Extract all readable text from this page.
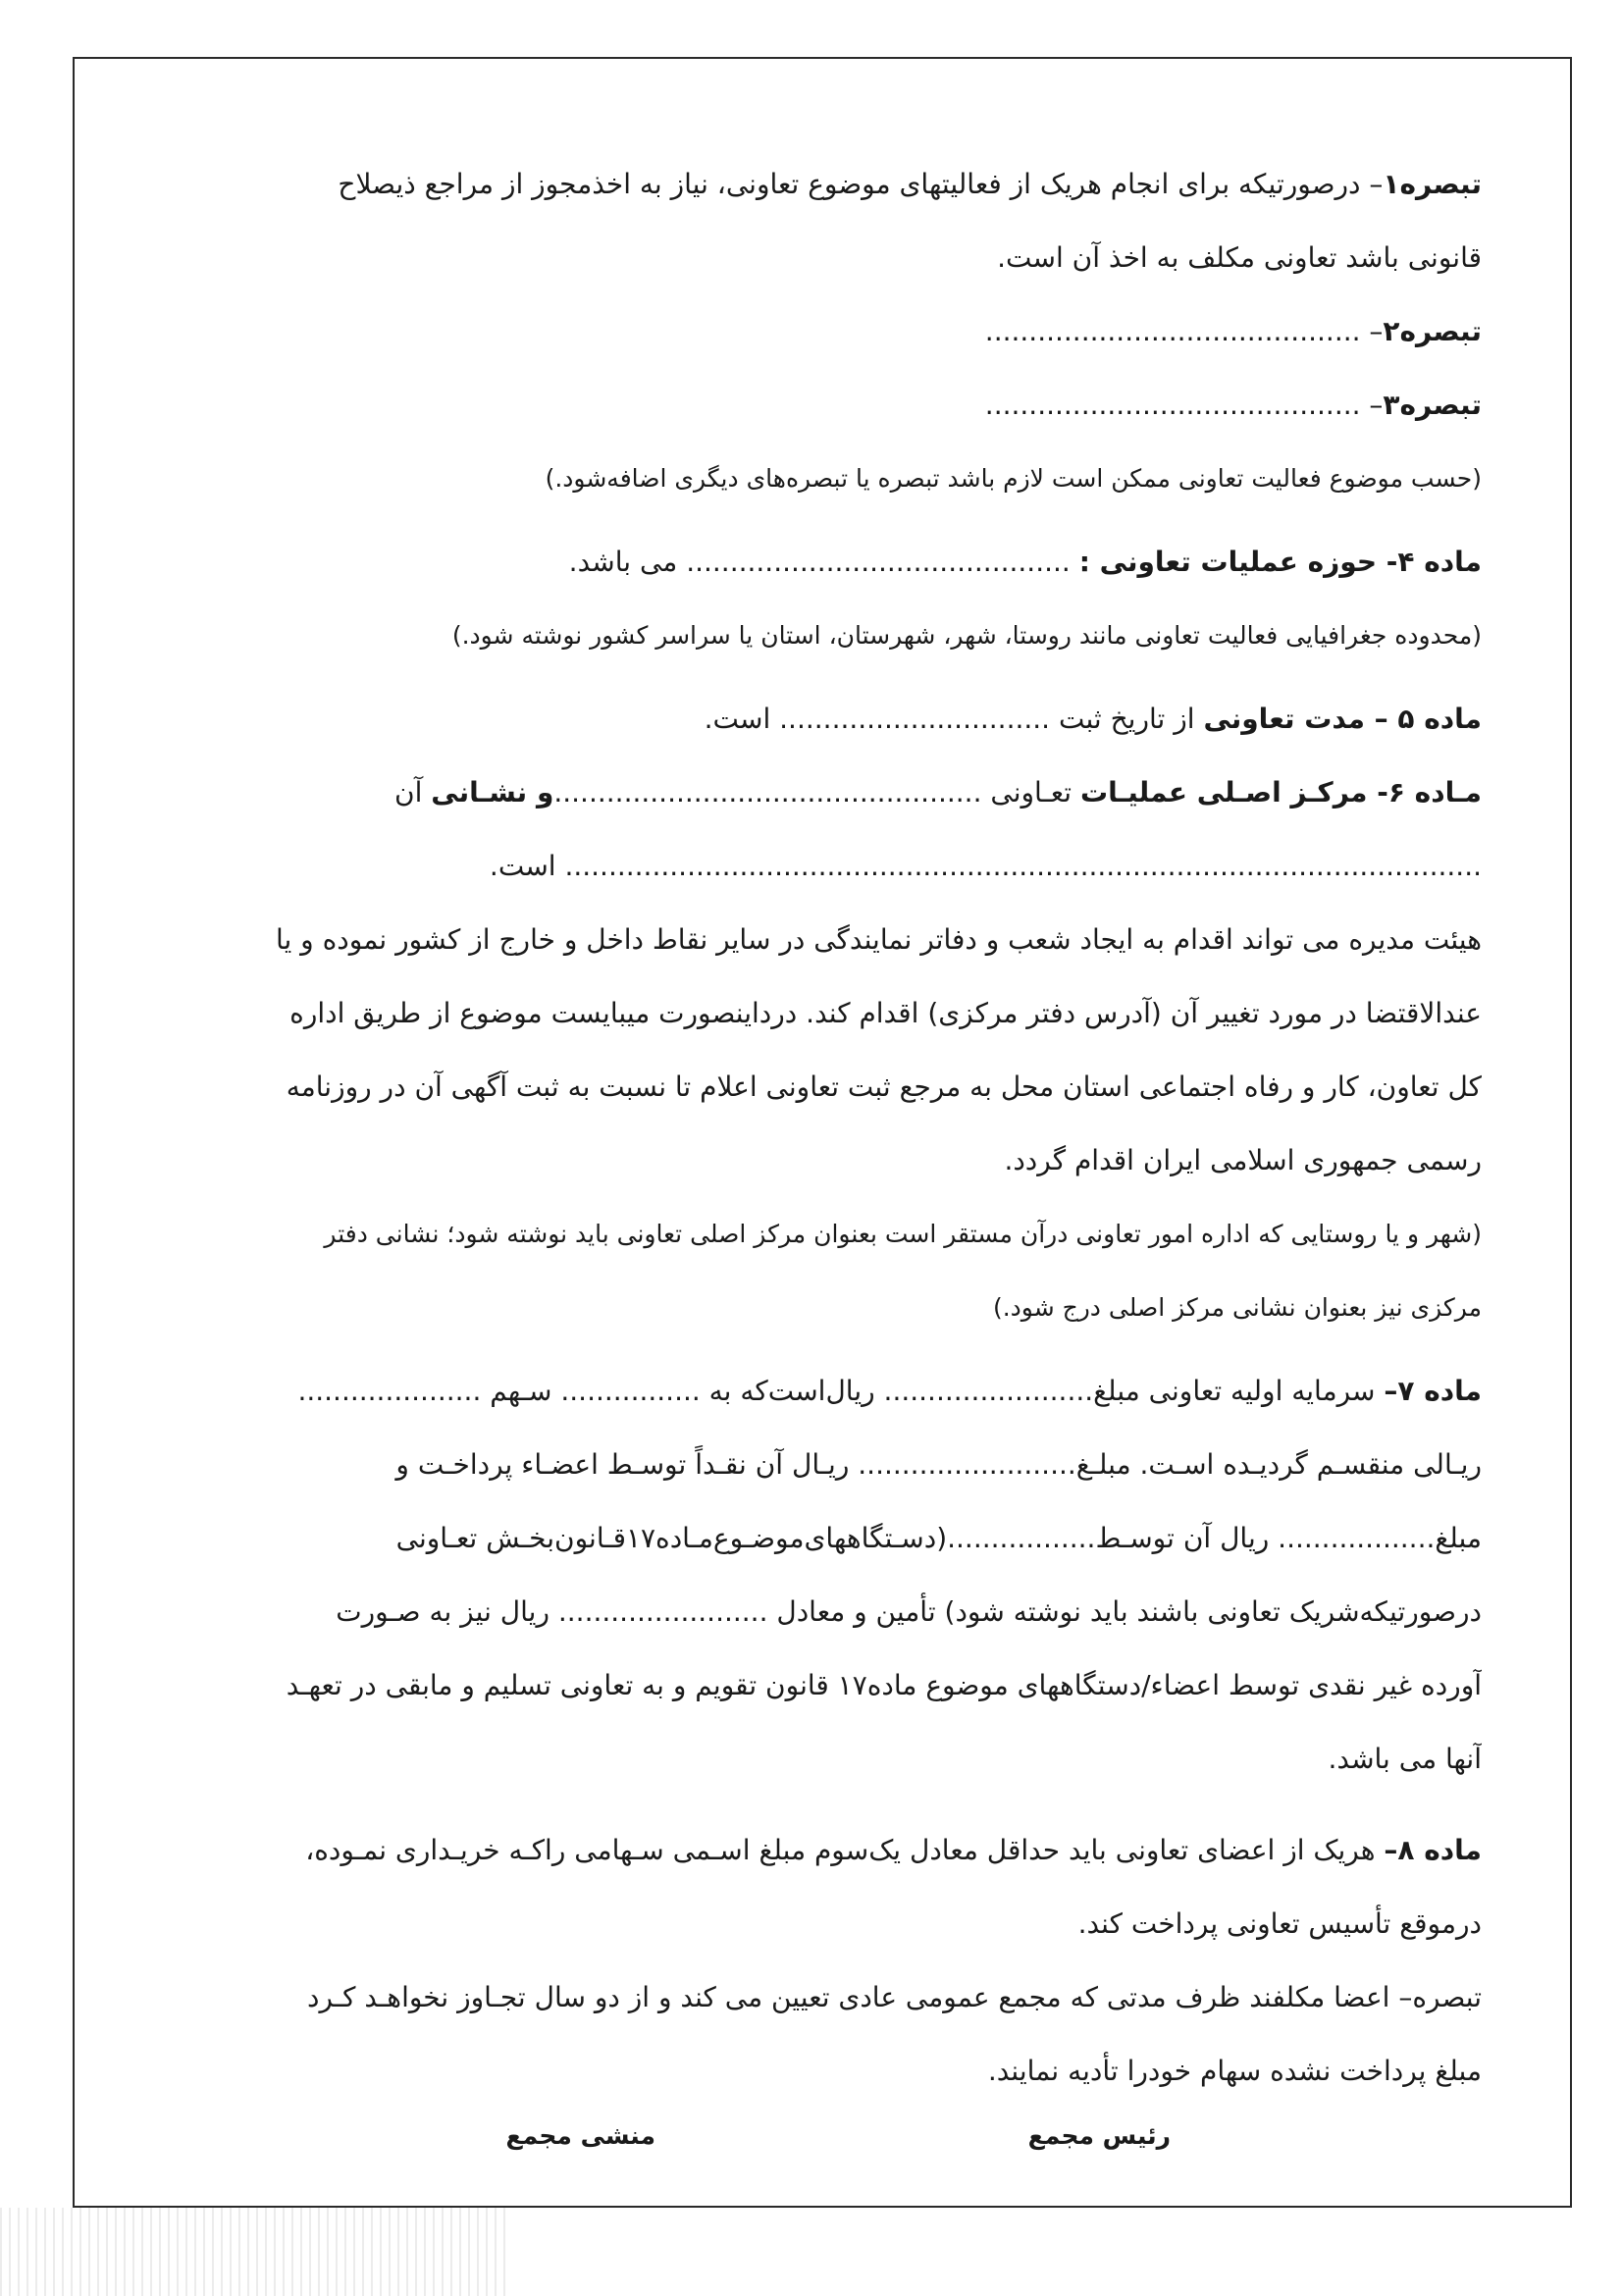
تبصره۱– درصورتیکه برای انجام هریک از فعالیتهای موضوع تعاونی، نیاز به اخذمجوز از مراجع ذیصلاح
قانونی باشد تعاونی مکلف به اخذ آن است.
تبصره۲– ...........................................
تبصره۳– ...........................................
(حسب موضوع فعالیت تعاونی ممکن است لازم باشد تبصره یا تبصره‌های دیگری اضافه‌شود.)
ماده ۴- حوزه عملیات تعاونی : ............................................ می باشد.
(محدوده جغرافیایی فعالیت تعاونی مانند روستا، شهر، شهرستان، استان یا سراسر کشور نوشته شود.)
ماده ۵ – مدت تعاونی از تاریخ ثبت ............................... است.
مـاده ۶- مرکـز اصـلی عملیـات تعـاونی .................................................و نشـانی آن
......................................................................................................... است.
هیئت مدیره می تواند اقدام به ایجاد شعب و دفاتر نمایندگی در سایر نقاط داخل و خارج از کشور نموده و یا
عندالاقتضا در مورد تغییر آن (آدرس دفتر مرکزی) اقدام کند. درداینصورت میبایست موضوع از طریق اداره
کل تعاون، کار و رفاه اجتماعی استان محل به مرجع ثبت تعاونی اعلام تا نسبت به ثبت آگهی آن در روزنامه
رسمی جمهوری اسلامی ایران اقدام گردد.
(شهر و یا روستایی که اداره امور تعاونی درآن مستقر است بعنوان مرکز اصلی تعاونی باید نوشته شود؛ نشانی دفتر
مرکزی نیز بعنوان نشانی مرکز اصلی درج شود.)
ماده ۷– سرمایه اولیه تعاونی مبلغ........................ ریال‌است‌که به ................ سـهم .....................
ریـالی منقسـم گردیـده اسـت. مبلـغ......................... ریـال آن نقـداً توسـط اعضـاء پرداخـت و
مبلغ.................. ریال آن توسـط.................(دسـتگاههای‌موضـوع‌مـاده۱۷قـانون‌بخـش تعـاونی
درصورتیکه‌شریک تعاونی باشند باید نوشته شود) تأمین و معادل ........................ ریال نیز به صـورت
آورده غیر نقدی توسط اعضاء/دستگاههای موضوع ماده۱۷ قانون تقویم و به تعاونی تسلیم و مابقی در تعهـد
آنها می باشد.
ماده ۸– هریک از اعضای تعاونی باید حداقل معادل یک‌سوم مبلغ اسـمی سـهامی راکـه خریـداری نمـوده،
درموقع تأسیس تعاونی پرداخت کند.
تبصره– اعضا مکلفند ظرف مدتی که مجمع عمومی عادی تعیین می کند و از دو سال تجـاوز نخواهـد کـرد
مبلغ پرداخت نشده سهام خودرا تأدیه نمایند.
رئیس مجمع
منشی مجمع
